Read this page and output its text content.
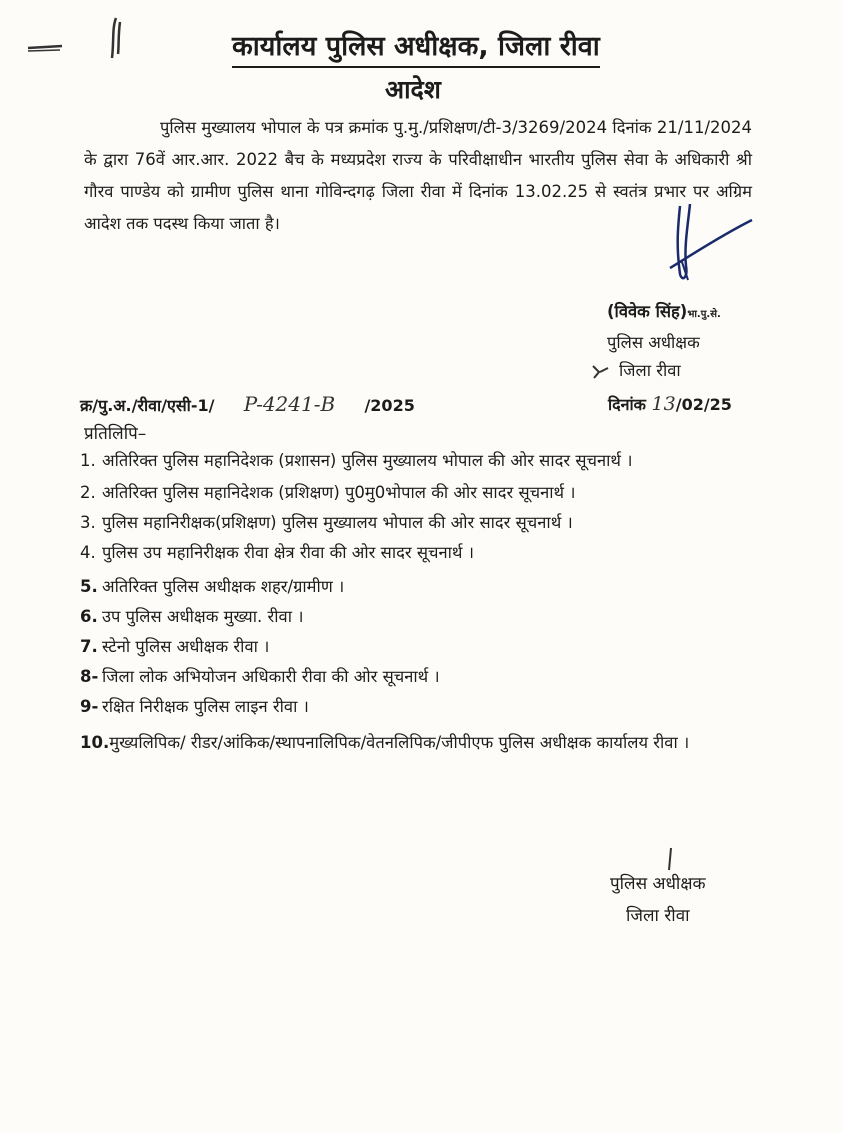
कार्यालय पुलिस अधीक्षक, जिला रीवा
आदेश
पुलिस मुख्यालय भोपाल के पत्र क्रमांक पु.मु./प्रशिक्षण/टी-3/3269/2024 दिनांक 21/11/2024 के द्वारा 76वें आर.आर. 2022 बैच के मध्यप्रदेश राज्य के परिवीक्षाधीन भारतीय पुलिस सेवा के अधिकारी श्री गौरव पाण्डेय को ग्रामीण पुलिस थाना गोविन्दगढ़ जिला रीवा में दिनांक 13.02.25 से स्वतंत्र प्रभार पर अग्रिम आदेश तक पदस्थ किया जाता है।
(विवेक सिंह)भा.पु.से.
पुलिस अधीक्षक
जिला रीवा
क्र/पु.अ./रीवा/एसी-1/ P-4241-B /2025	दिनांक 13/02/25
प्रतिलिपि–
1. अतिरिक्त पुलिस महानिदेशक (प्रशासन) पुलिस मुख्यालय भोपाल की ओर सादर सूचनार्थ ।
2. अतिरिक्त पुलिस महानिदेशक (प्रशिक्षण) पु0मु0भोपाल की ओर सादर सूचनार्थ ।
3. पुलिस महानिरीक्षक(प्रशिक्षण) पुलिस मुख्यालय भोपाल की ओर सादर सूचनार्थ ।
4. पुलिस उप महानिरीक्षक रीवा क्षेत्र रीवा की ओर सादर सूचनार्थ ।
5. अतिरिक्त पुलिस अधीक्षक शहर/ग्रामीण ।
6. उप पुलिस अधीक्षक मुख्या. रीवा ।
7. स्टेनो पुलिस अधीक्षक रीवा ।
8- जिला लोक अभियोजन अधिकारी रीवा की ओर सूचनार्थ ।
9- रक्षित निरीक्षक पुलिस लाइन रीवा ।
10. मुख्यलिपिक/ रीडर/आंकिक/स्थापनालिपिक/वेतनलिपिक/जीपीएफ पुलिस अधीक्षक कार्यालय रीवा ।
पुलिस अधीक्षक
जिला रीवा
